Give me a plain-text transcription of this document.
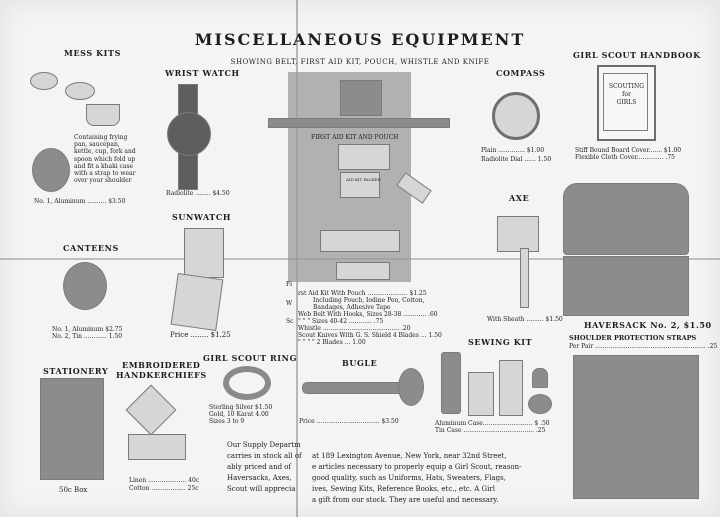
MISCELLANEOUS EQUIPMENT
SHOWING BELT, FIRST AID KIT, POUCH, WHISTLE AND KNIFE
MESS KITS
Containing frying pan, saucepan, kettle, cup, fork and spoon which fold up and fit a khaki case with a strap to wear over your shoulder
No. 1, Aluminum .......... $3.50
WRIST WATCH
Radiolite ........ $4.50
FIRST AID KIT AND POUCH
AID KIT PACKED
Fi
W
Sc
rst Aid Kit With Pouch ..................... $1.25
Including Pouch, Iodine Pen, Cotton,
Bandages, Adhesive Tape
Web Belt With Hooks, Sizes 28-38 ............ .60
" " " Sizes 40-42 ............ .75
Whistle ........................................ .20
Scout Knives With G. S. Shield 4 Blades ... 1.50
" " " " 2 Blades ... 1.00
COMPASS
Plain .............. $1.00
Radiolite Dial ...... 1.50
GIRL SCOUT HANDBOOK
SCOUTING
for
GIRLS
Stiff Bound Board Cover....... $1.00
Flexible Cloth Cover.............. .75
SUNWATCH
Price ........ $1.25
AXE
With Sheath ......... $1.50
CANTEENS
No. 1, Aluminum $2.75
No. 2, Tin ............ 1.50
HAVERSACK No. 2, $1.50
SHOULDER PROTECTION STRAPS
Per Pair .......................................................... .25
STATIONERY
50c Box
EMBROIDERED
HANDKERCHIEFS
Linen .................... 40c
Cotton .................. 25c
GIRL SCOUT RING
Sterling Silver $1.50
Gold, 10 Karat 4.00
Sizes 3 to 9
BUGLE
Price ................................. $3.50
SEWING KIT
Aluminum Case.......................... $ .50
Tin Case ..................................... .25
Our Supply Departm
carries in stock all of
ably priced and of
Haversacks, Axes,
Scout will apprecia
at 189 Lexington Avenue, New York, near 32nd Street,
e articles necessary to properly equip a Girl Scout, reason-
good quality, such as Uniforms, Hats, Sweaters, Flags,
ives, Sewing Kits, Reference Books, etc., etc. A Girl
a gift from our stock. They are useful and necessary.
